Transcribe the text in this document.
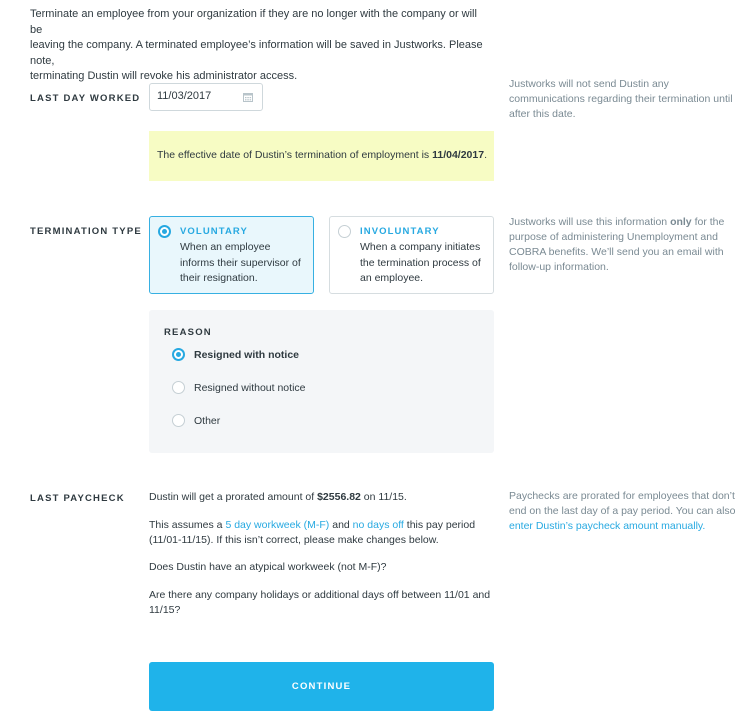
Terminate an employee from your organization if they are no longer with the company or will be
leaving the company. A terminated employee’s information will be saved in Justworks. Please note,
terminating Dustin will revoke his administrator access.
LAST DAY WORKED
11/03/2017
Justworks will not send Dustin any
communications regarding their termination until
after this date.
The effective date of Dustin’s termination of employment is 11/04/2017.
TERMINATION TYPE	VOLUNTARY
When an employee
informs their supervisor of
their resignation.
INVOLUNTARY
When a company initiates
the termination process of
an employee.
Justworks will use this information only for the
purpose of administering Unemployment and
COBRA benefits. We’ll send you an email with
follow-up information.
REASON
Resigned with notice
Resigned without notice
Other
LAST PAYCHECK Dustin will get a prorated amount of $2556.82 on 11/15.
This assumes a 5 day workweek (M-F) and no days off this pay period
(11/01-11/15). If this isn’t correct, please make changes below.
Does Dustin have an atypical workweek (not M-F)?
Are there any company holidays or additional days off between 11/01 and
11/15?
Paychecks are prorated for employees that don’t
end on the last day of a pay period. You can also
enter Dustin’s paycheck amount manually.
CONTINUE
